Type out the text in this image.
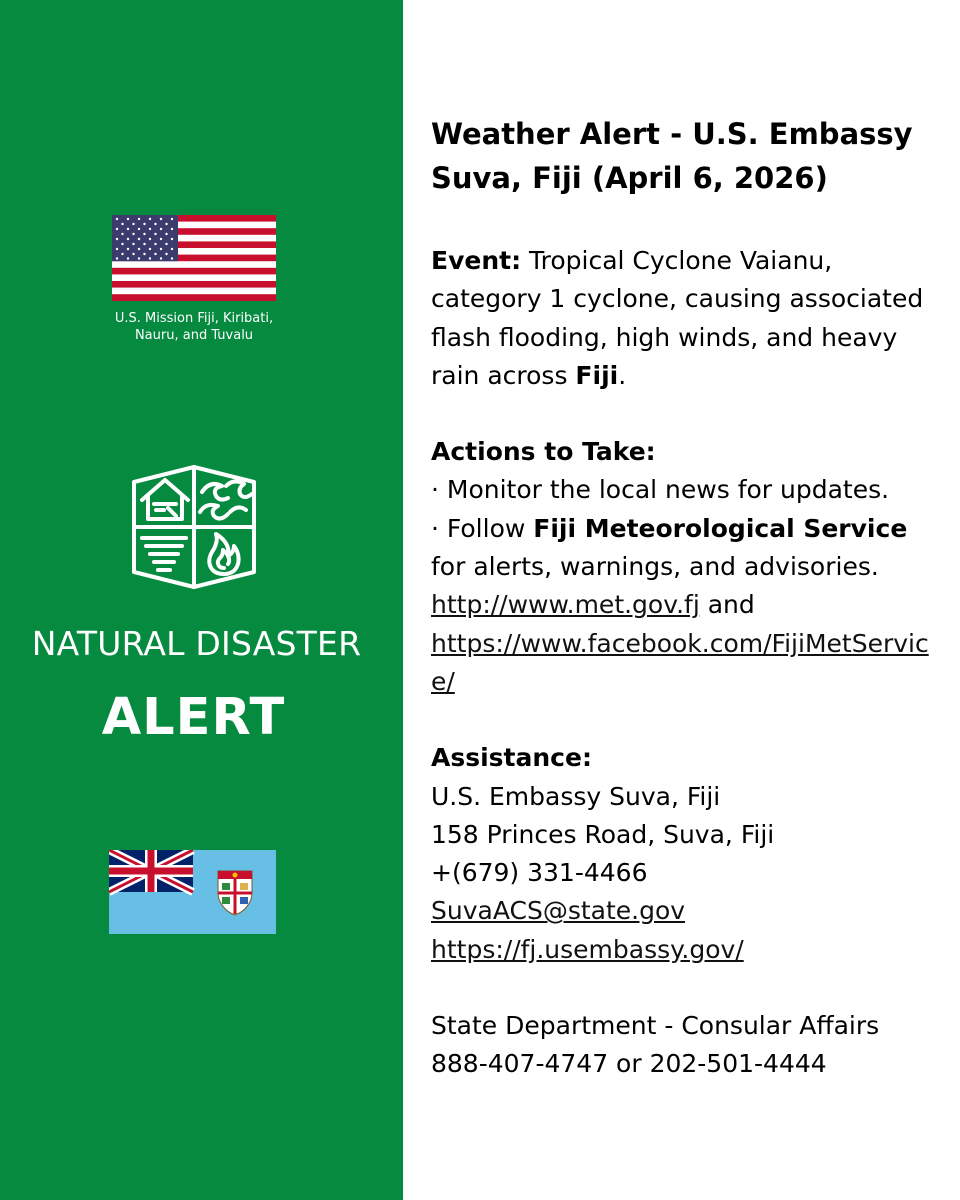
U.S. Mission Fiji, Kiribati, Nauru, and Tuvalu
NATURAL DISASTER
ALERT
Weather Alert - U.S. Embassy Suva, Fiji (April 6, 2026)

Event: Tropical Cyclone Vaianu, category 1 cyclone, causing associated flash flooding, high winds, and heavy rain across Fiji.

Actions to Take:

· Monitor the local news for updates.

· Follow Fiji Meteorological Service for alerts, warnings, and advisories.

http://www.met.gov.fj and

https://www.facebook.com/FijiMetService/

Assistance:

U.S. Embassy Suva, Fiji

158 Princes Road, Suva, Fiji

+(679) 331-4466

SuvaACS@state.gov

https://fj.usembassy.gov/

State Department - Consular Affairs

888-407-4747 or 202-501-4444
